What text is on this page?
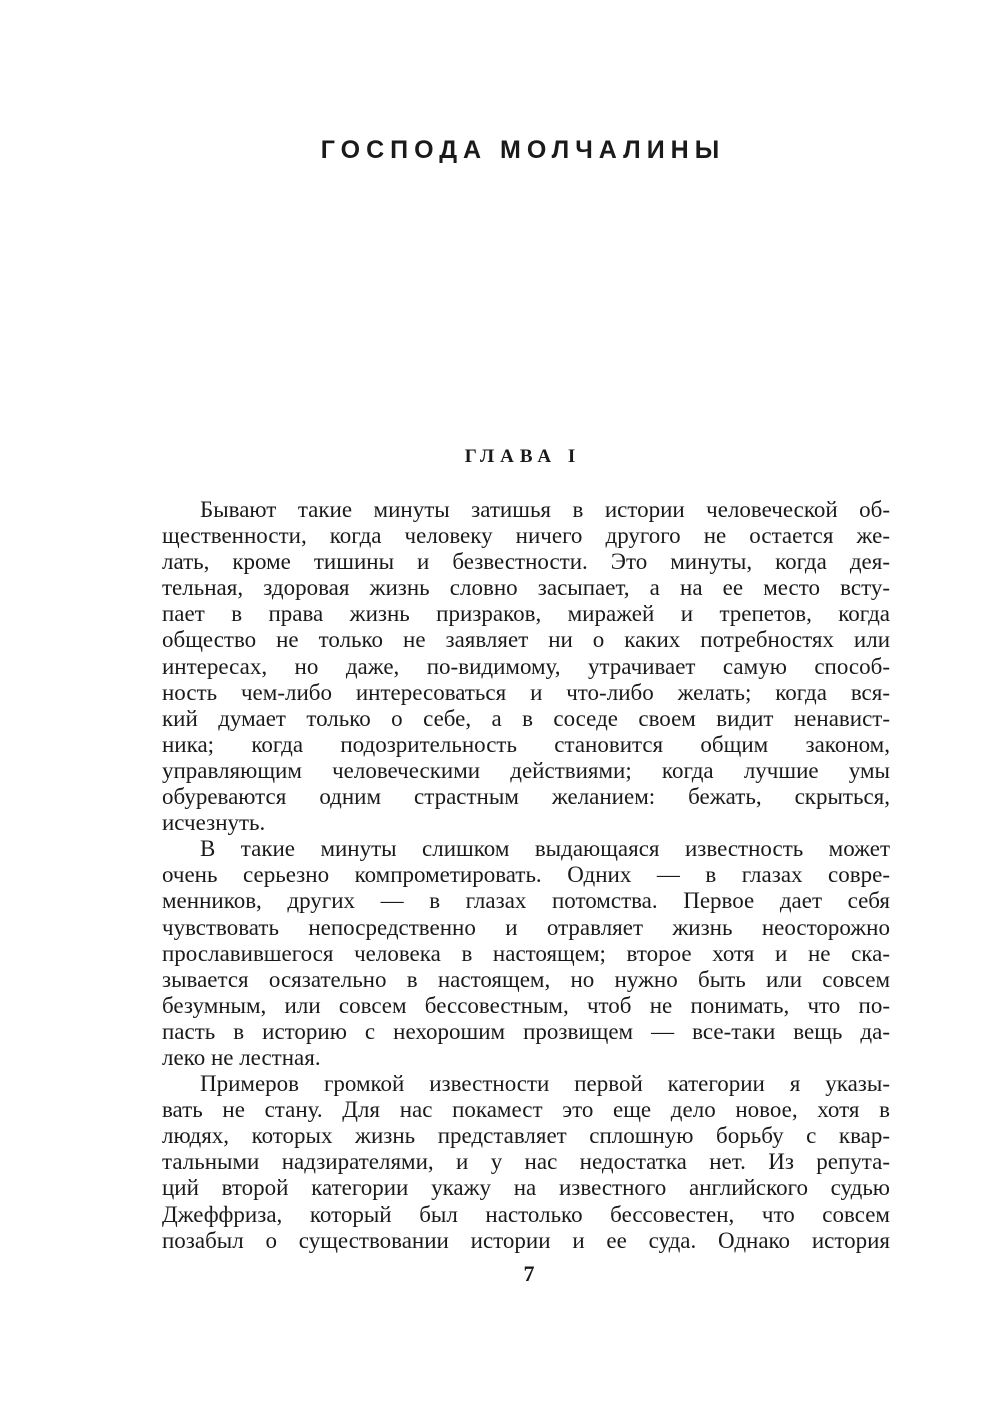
ГОСПОДА МОЛЧАЛИНЫ
ГЛАВА I
Бывают такие минуты затишья в истории человеческой об-
щественности, когда человеку ничего другого не остается же-
лать, кроме тишины и безвестности. Это минуты, когда дея-
тельная, здоровая жизнь словно засыпает, а на ее место всту-
пает в права жизнь призраков, миражей и трепетов, когда
общество не только не заявляет ни о каких потребностях или
интересах, но даже, по-видимому, утрачивает самую способ-
ность чем-либо интересоваться и что-либо желать; когда вся-
кий думает только о себе, а в соседе своем видит ненавист-
ника; когда подозрительность становится общим законом,
управляющим человеческими действиями; когда лучшие умы
обуреваются одним страстным желанием: бежать, скрыться,
исчезнуть.
В такие минуты слишком выдающаяся известность может
очень серьезно компрометировать. Одних — в глазах совре-
менников, других — в глазах потомства. Первое дает себя
чувствовать непосредственно и отравляет жизнь неосторожно
прославившегося человека в настоящем; второе хотя и не ска-
зывается осязательно в настоящем, но нужно быть или совсем
безумным, или совсем бессовестным, чтоб не понимать, что по-
пасть в историю с нехорошим прозвищем — все-таки вещь да-
леко не лестная.
Примеров громкой известности первой категории я указы-
вать не стану. Для нас покамест это еще дело новое, хотя в
людях, которых жизнь представляет сплошную борьбу с квар-
тальными надзирателями, и у нас недостатка нет. Из репута-
ций второй категории укажу на известного английского судью
Джеффриза, который был настолько бессовестен, что совсем
позабыл о существовании истории и ее суда. Однако история
7
